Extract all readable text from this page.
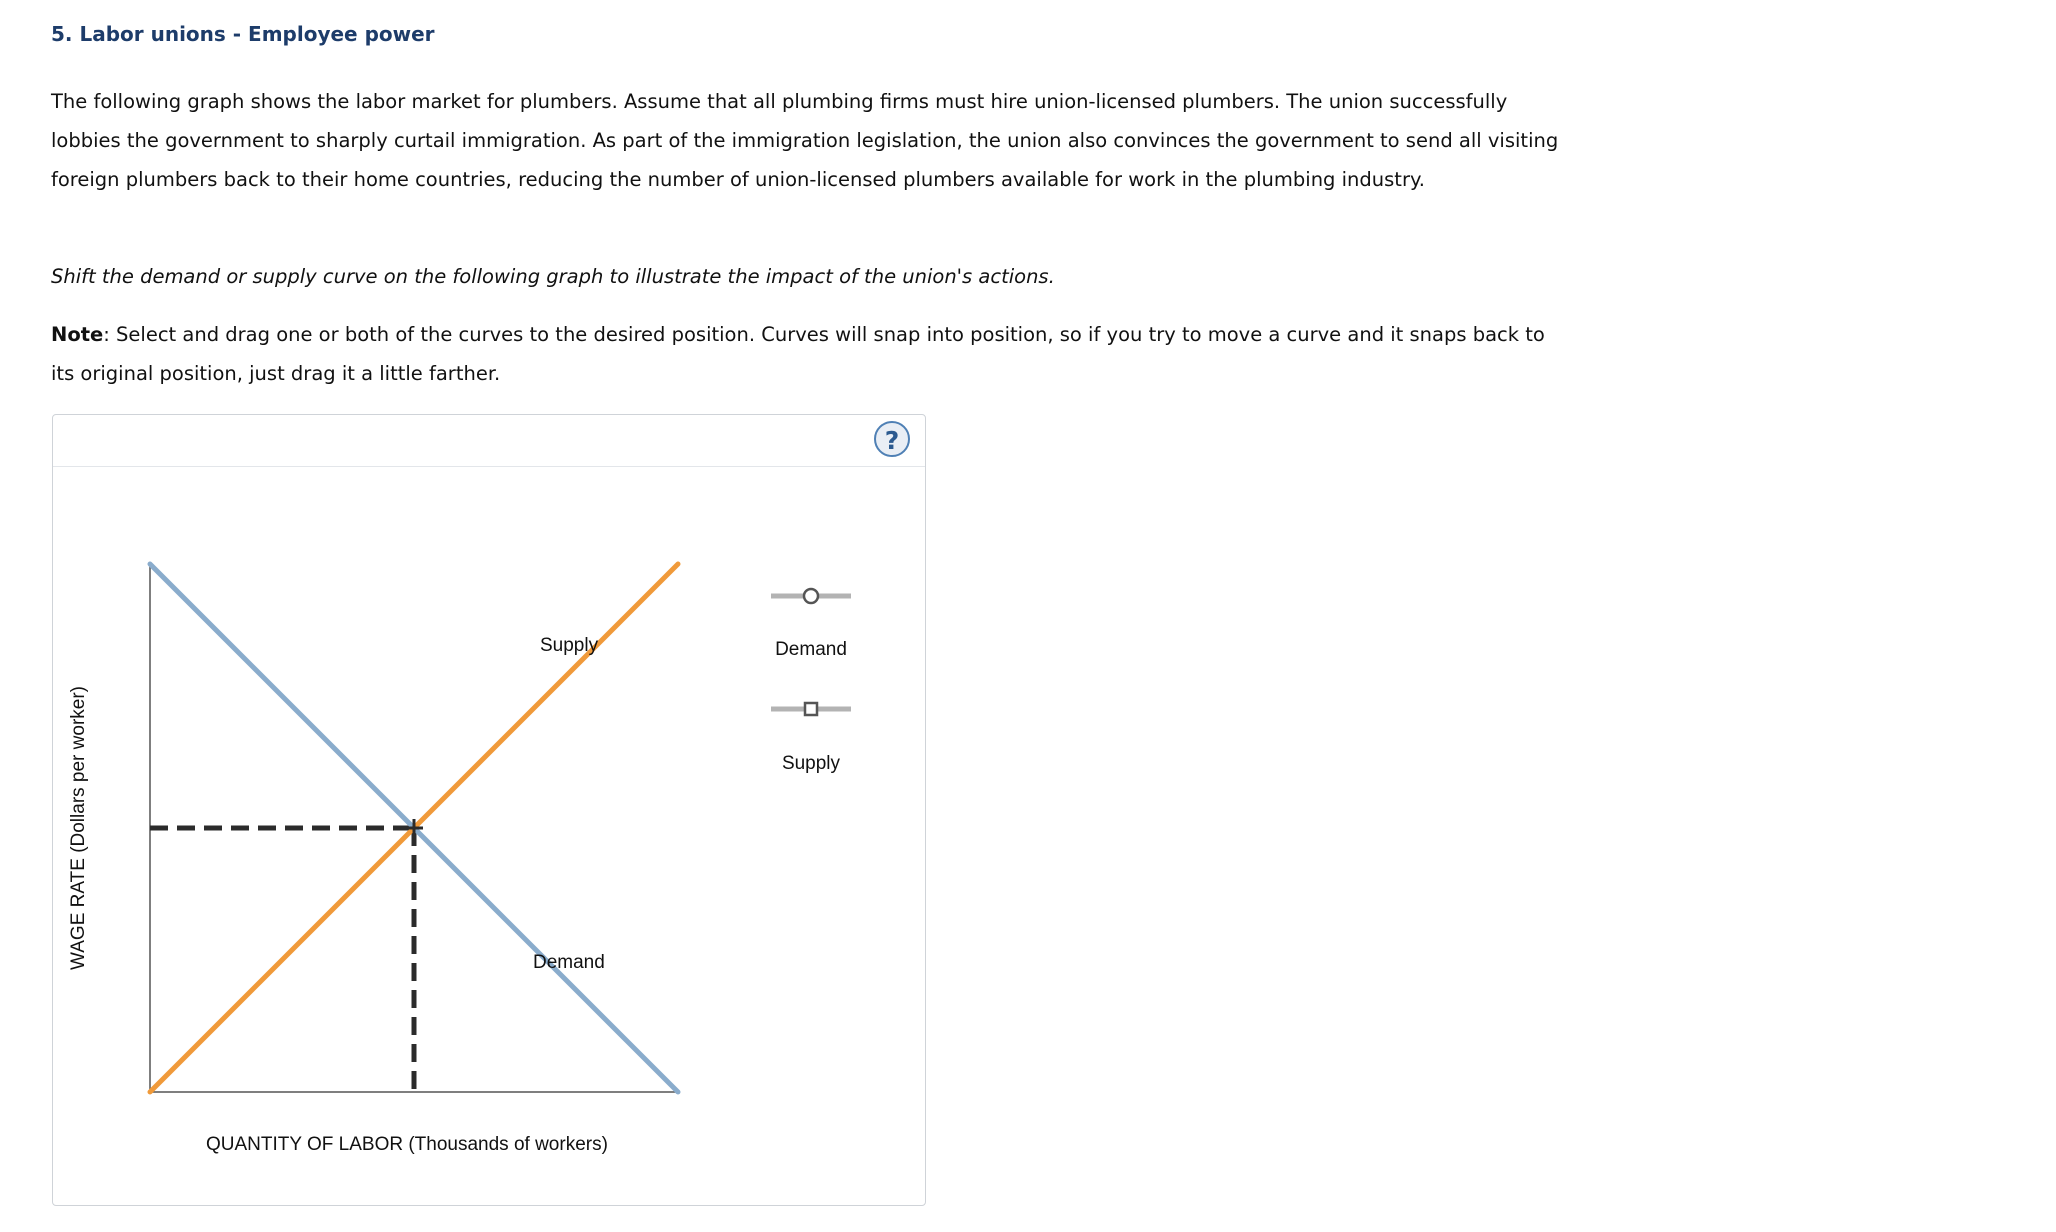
5. Labor unions - Employee power

The following graph shows the labor market for plumbers. Assume that all plumbing firms must hire union-licensed plumbers. The union successfully lobbies the government to sharply curtail immigration. As part of the immigration legislation, the union also convinces the government to send all visiting foreign plumbers back to their home countries, reducing the number of union-licensed plumbers available for work in the plumbing industry.

Shift the demand or supply curve on the following graph to illustrate the impact of the union's actions.

Note: Select and drag one or both of the curves to the desired position. Curves will snap into position, so if you try to move a curve and it snaps back to its original position, just drag it a little farther.

?
Supply
Demand
QUANTITY OF LABOR (Thousands of workers)
WAGE RATE (Dollars per worker)
Demand
Supply
